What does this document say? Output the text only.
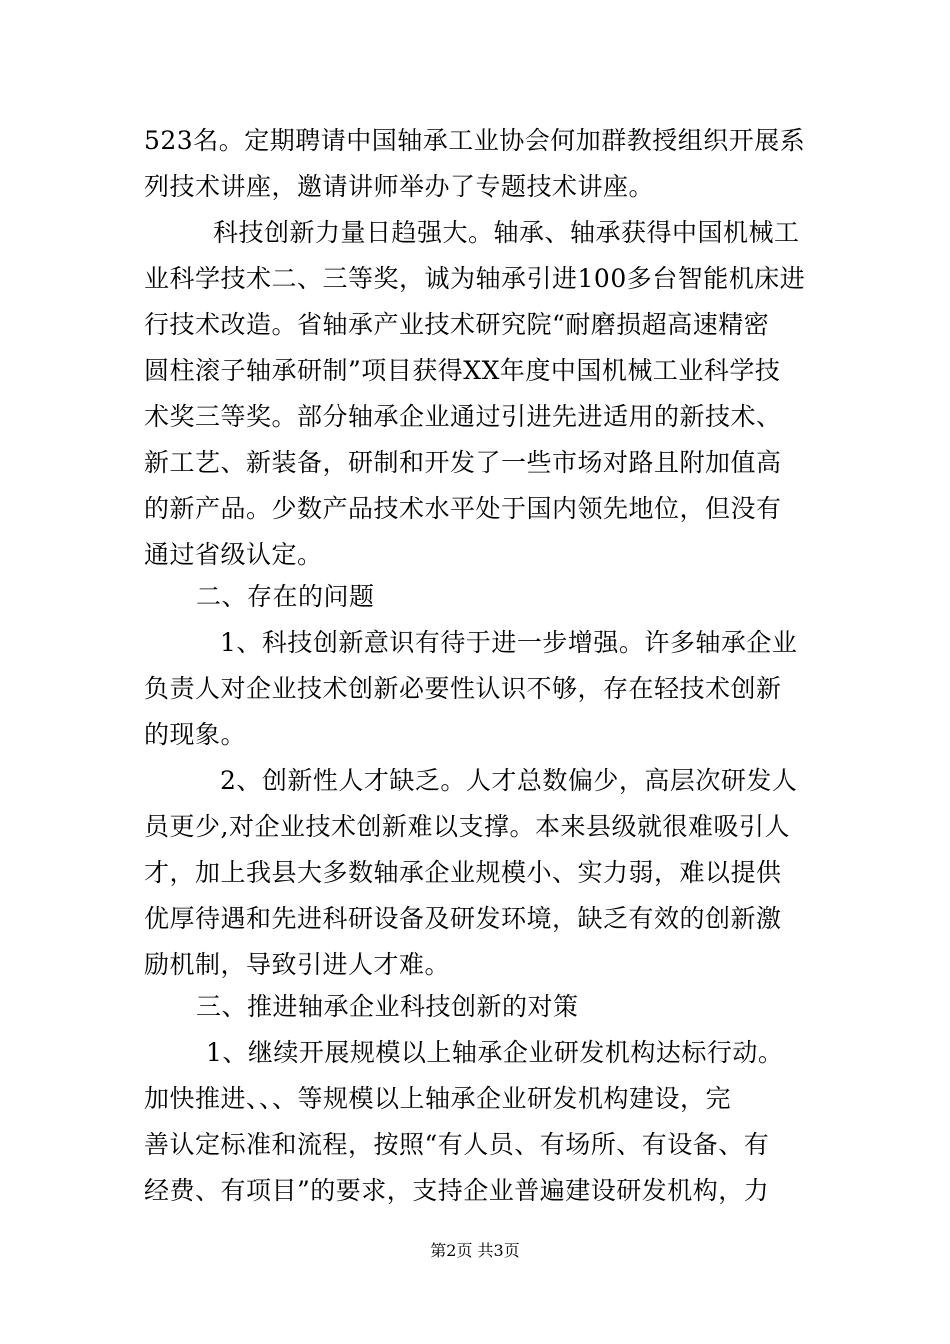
523名。定期聘请中国轴承工业协会何加群教授组织开展系
列技术讲座，邀请讲师举办了专题技术讲座。
科技创新力量日趋强大。轴承、轴承获得中国机械工
业科学技术二、三等奖，诚为轴承引进100多台智能机床进
行技术改造。省轴承产业技术研究院“耐磨损超高速精密
圆柱滚子轴承研制”项目获得XX年度中国机械工业科学技
术奖三等奖。部分轴承企业通过引进先进适用的新技术、
新工艺、新装备，研制和开发了一些市场对路且附加值高
的新产品。少数产品技术水平处于国内领先地位，但没有
通过省级认定。
二、存在的问题
1、科技创新意识有待于进一步增强。许多轴承企业
负责人对企业技术创新必要性认识不够，存在轻技术创新
的现象。
2、创新性人才缺乏。人才总数偏少，高层次研发人
员更少,对企业技术创新难以支撑。本来县级就很难吸引人
才，加上我县大多数轴承企业规模小、实力弱，难以提供
优厚待遇和先进科研设备及研发环境，缺乏有效的创新激
励机制，导致引进人才难。
三、推进轴承企业科技创新的对策
1、继续开展规模以上轴承企业研发机构达标行动。
加快推进、、、等规模以上轴承企业研发机构建设，完
善认定标准和流程，按照“有人员、有场所、有设备、有
经费、有项目”的要求，支持企业普遍建设研发机构，力
第2页 共3页
